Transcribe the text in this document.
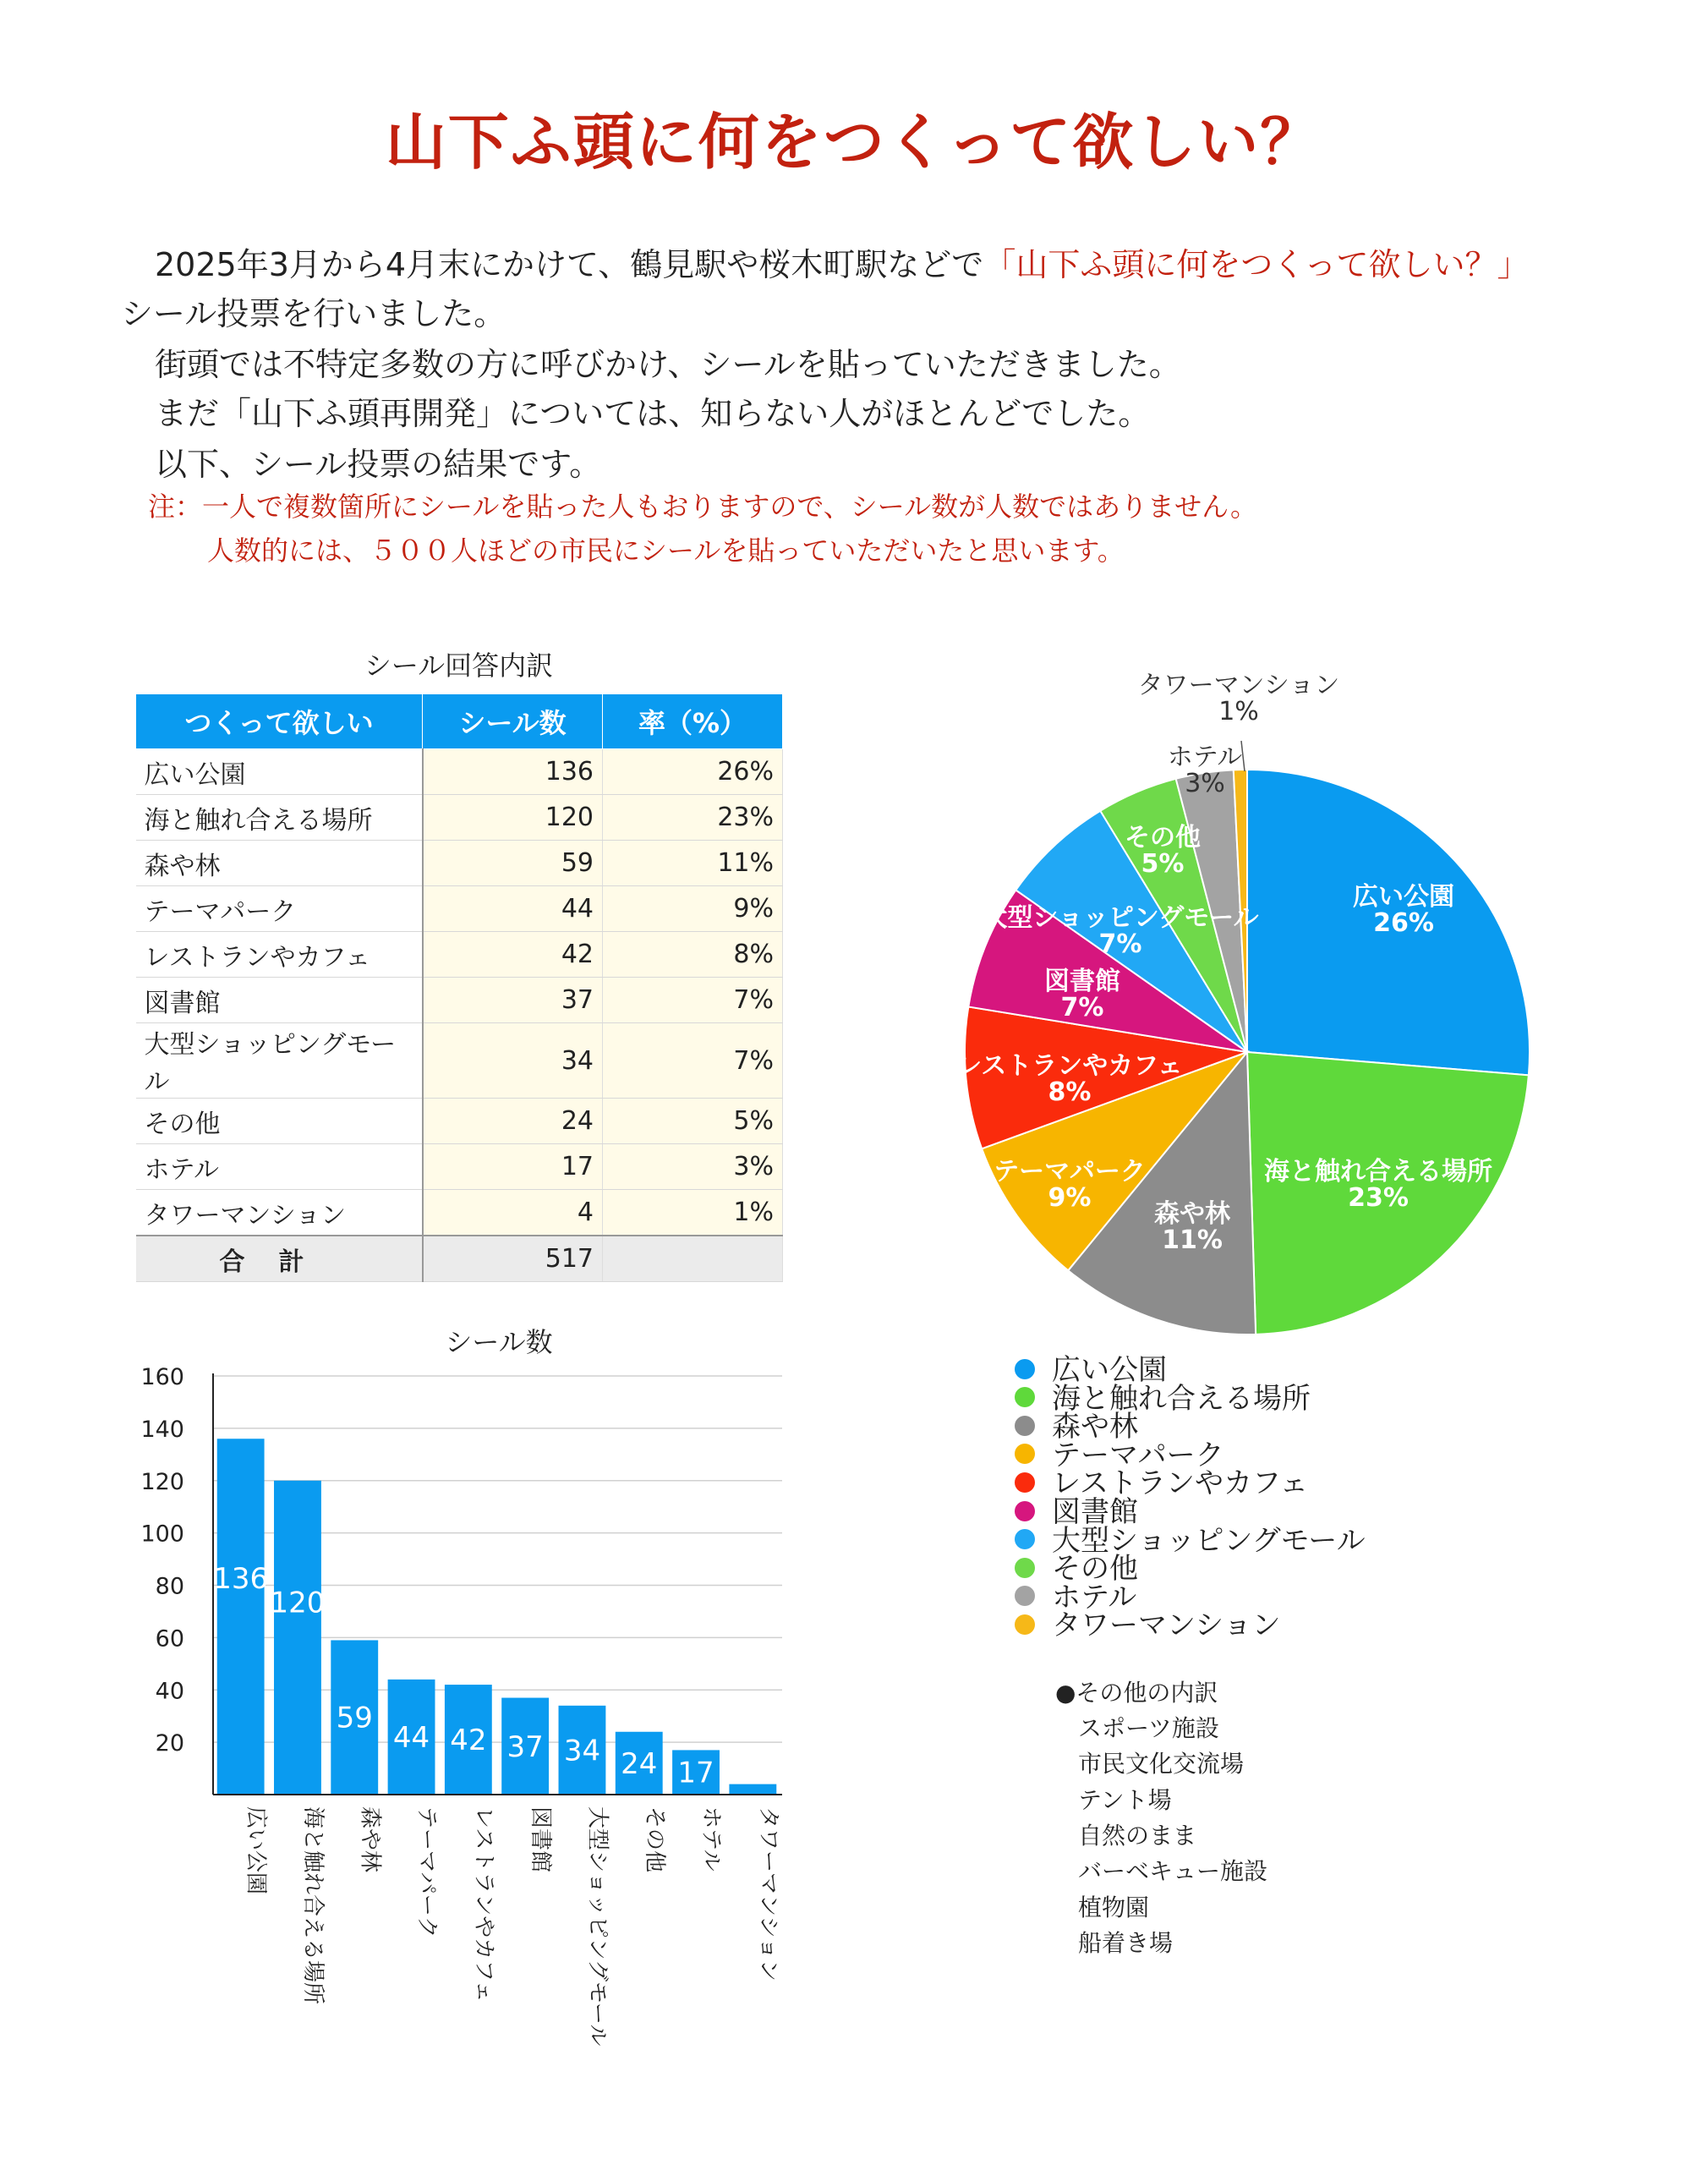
山下ふ頭に何をつくって欲しい？
2025年3月から4月末にかけて、鶴見駅や桜木町駅などで「山下ふ頭に何をつくって欲しい？」
シール投票を行いました。
街頭では不特定多数の方に呼びかけ、シールを貼っていただきました。
まだ「山下ふ頭再開発」については、知らない人がほとんどでした。
以下、シール投票の結果です。
注：一人で複数箇所にシールを貼った人もおりますので、シール数が人数ではありません。
人数的には、５００人ほどの市民にシールを貼っていただいたと思います。
シール回答内訳
つくって欲しい	シール数	率（%）
広い公園	136	26%
海と触れ合える場所	120	23%
森や林	59	11%
テーマパーク	44	9%
レストランやカフェ	42	8%
図書館	37	7%
大型ショッピングモール	34	7%
その他	24	5%
ホテル	17	3%
タワーマンション	4	1%
合計	517	
シール数
20
40
60
80
100
120
140
160
136
広い公園
120
海と触れ合える場所
59
森や林
44
テーマパーク
42
レストランやカフェ
37
図書館
34
大型ショッピングモール
24
その他
17
ホテル タワーマンション
広い公園
26%
海と触れ合える場所
23%
森や林
11%
テーマパーク
9%
レストランやカフェ
8%
図書館
7%
大型ショッピングモール
7%
その他
5%
ホテル
3%
タワーマンション
1%
広い公園
海と触れ合える場所
森や林
テーマパーク
レストランやカフェ
図書館
大型ショッピングモール
その他
ホテル
タワーマンション
●その他の内訳
スポーツ施設
市民文化交流場
テント場
自然のまま
バーベキュー施設
植物園
船着き場
